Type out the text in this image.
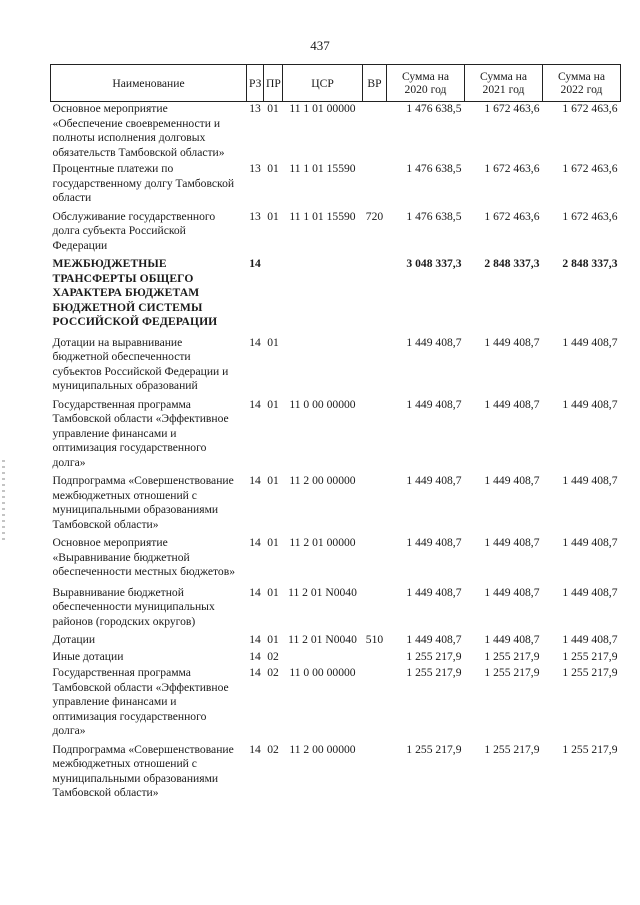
437
Наименование	РЗ	ПР	ЦСР	ВР	Сумма на 2020 год	Сумма на 2021 год	Сумма на 2022 год
Основное мероприятие «Обеспечение своевременности и полноты исполнения долговых обязательств Тамбовской области»	13	01	11 1 01 00000		1 476 638,5	1 672 463,6	1 672 463,6
Процентные платежи по государственному долгу Тамбовской области	13	01	11 1 01 15590		1 476 638,5	1 672 463,6	1 672 463,6
Обслуживание государственного долга субъекта Российской Федерации	13	01	11 1 01 15590	720	1 476 638,5	1 672 463,6	1 672 463,6
МЕЖБЮДЖЕТНЫЕ ТРАНСФЕРТЫ ОБЩЕГО ХАРАКТЕРА БЮДЖЕТАМ БЮДЖЕТНОЙ СИСТЕМЫ РОССИЙСКОЙ ФЕДЕРАЦИИ	14				3 048 337,3	2 848 337,3	2 848 337,3
Дотации на выравнивание бюджетной обеспеченности субъектов Российской Федерации и муниципальных образований	14	01			1 449 408,7	1 449 408,7	1 449 408,7
Государственная программа Тамбовской области «Эффективное управление финансами и оптимизация государственного долга»	14	01	11 0 00 00000		1 449 408,7	1 449 408,7	1 449 408,7
Подпрограмма «Совершенствование межбюджетных отношений с муниципальными образованиями Тамбовской области»	14	01	11 2 00 00000		1 449 408,7	1 449 408,7	1 449 408,7
Основное мероприятие «Выравнивание бюджетной обеспеченности местных бюджетов»	14	01	11 2 01 00000		1 449 408,7	1 449 408,7	1 449 408,7
Выравнивание бюджетной обеспеченности муниципальных районов (городских округов)	14	01	11 2 01 N0040		1 449 408,7	1 449 408,7	1 449 408,7
Дотации	14	01	11 2 01 N0040	510	1 449 408,7	1 449 408,7	1 449 408,7
Иные дотации	14	02			1 255 217,9	1 255 217,9	1 255 217,9
Государственная программа Тамбовской области «Эффективное управление финансами и оптимизация государственного долга»	14	02	11 0 00 00000		1 255 217,9	1 255 217,9	1 255 217,9
Подпрограмма «Совершенствование межбюджетных отношений с муниципальными образованиями Тамбовской области»	14	02	11 2 00 00000		1 255 217,9	1 255 217,9	1 255 217,9
